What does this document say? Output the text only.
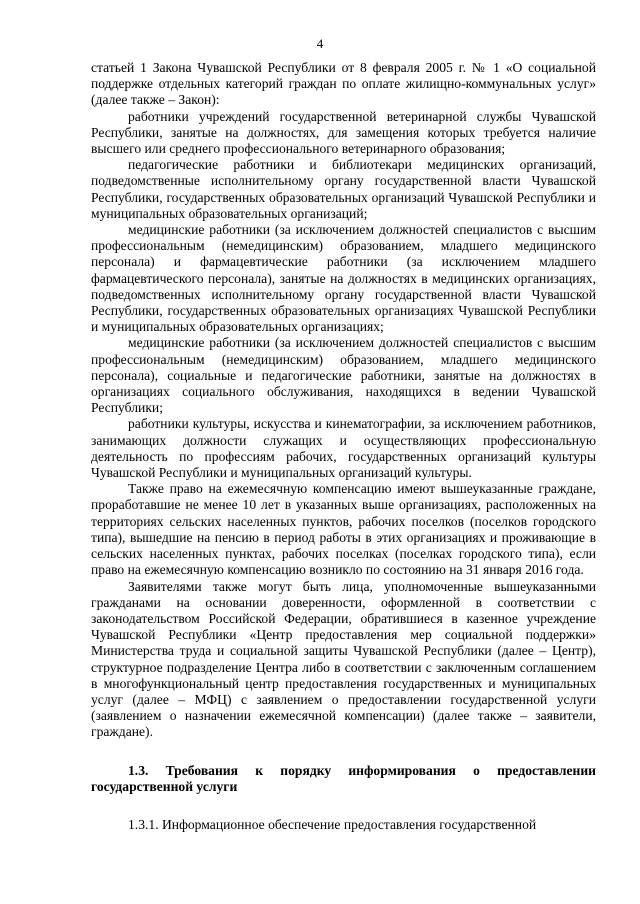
4

статьей 1 Закона Чувашской Республики от 8 февраля 2005 г. № 1 «О социальной поддержке отдельных категорий граждан по оплате жилищно-коммунальных услуг» (далее также – Закон):

работники учреждений государственной ветеринарной службы Чувашской Республики, занятые на должностях, для замещения которых требуется наличие высшего или среднего профессионального ветеринарного образования;

педагогические работники и библиотекари медицинских организаций, подведомственные исполнительному органу государственной власти Чувашской Республики, государственных образовательных организаций Чувашской Республики и муниципальных образовательных организаций;

медицинские работники (за исключением должностей специалистов с высшим профессиональным (немедицинским) образованием, младшего медицинского персонала) и фармацевтические работники (за исключением младшего фармацевтического персонала), занятые на должностях в медицинских организациях, подведомственных исполнительному органу государственной власти Чувашской Республики, государственных образовательных организациях Чувашской Республики и муниципальных образовательных организациях;

медицинские работники (за исключением должностей специалистов с высшим профессиональным (немедицинским) образованием, младшего медицинского персонала), социальные и педагогические работники, занятые на должностях в организациях социального обслуживания, находящихся в ведении Чувашской Республики;

работники культуры, искусства и кинематографии, за исключением работников, занимающих должности служащих и осуществляющих профессиональную деятельность по профессиям рабочих, государственных организаций культуры Чувашской Республики и муниципальных организаций культуры.

Также право на ежемесячную компенсацию имеют вышеуказанные граждане, проработавшие не менее 10 лет в указанных выше организациях, расположенных на территориях сельских населенных пунктов, рабочих поселков (поселков городского типа), вышедшие на пенсию в период работы в этих организациях и проживающие в сельских населенных пунктах, рабочих поселках (поселках городского типа), если право на ежемесячную компенсацию возникло по состоянию на 31 января 2016 года.

Заявителями также могут быть лица, уполномоченные вышеуказанными гражданами на основании доверенности, оформленной в соответствии с законодательством Российской Федерации, обратившиеся в казенное учреждение Чувашской Республики «Центр предоставления мер социальной поддержки» Министерства труда и социальной защиты Чувашской Республики (далее – Центр), структурное подразделение Центра либо в соответствии с заключенным соглашением в многофункциональный центр предоставления государственных и муниципальных услуг (далее – МФЦ) с заявлением о предоставлении государственной услуги (заявлением о назначении ежемесячной компенсации) (далее также – заявители, граждане).

1.3. Требования к порядку информирования о предоставлении государственной услуги

1.3.1. Информационное обеспечение предоставления государственной
